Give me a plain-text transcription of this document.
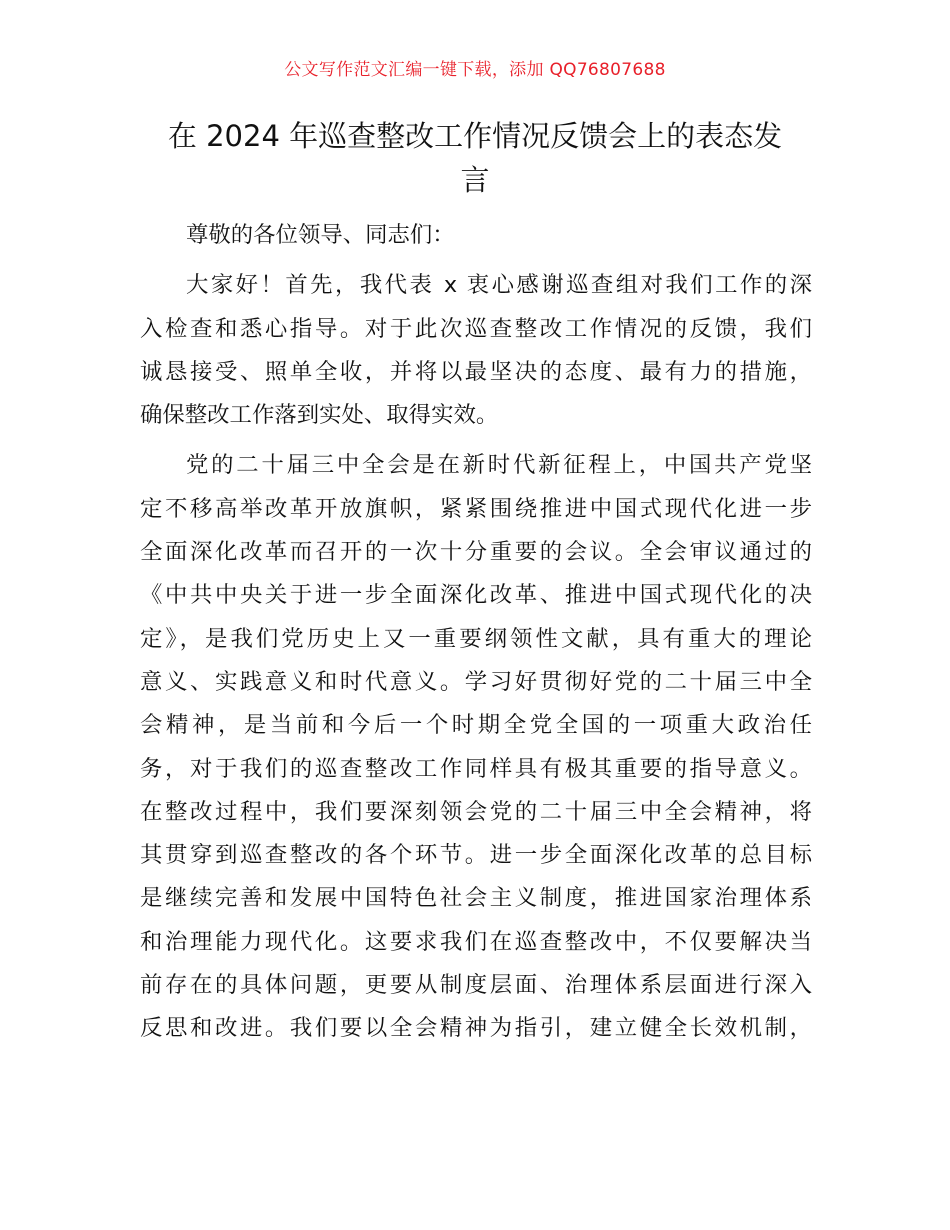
公文写作范文汇编一键下载，添加 QQ76807688
在 2024 年巡查整改工作情况反馈会上的表态发
言
尊敬的各位领导、同志们：
大家好！首先，我代表 x 衷心感谢巡查组对我们工作的深
入检查和悉心指导。对于此次巡查整改工作情况的反馈，我们
诚恳接受、照单全收，并将以最坚决的态度、最有力的措施，
确保整改工作落到实处、取得实效。
党的二十届三中全会是在新时代新征程上，中国共产党坚
定不移高举改革开放旗帜，紧紧围绕推进中国式现代化进一步
全面深化改革而召开的一次十分重要的会议。全会审议通过的
《中共中央关于进一步全面深化改革、推进中国式现代化的决
定》，是我们党历史上又一重要纲领性文献，具有重大的理论
意义、实践意义和时代意义。学习好贯彻好党的二十届三中全
会精神，是当前和今后一个时期全党全国的一项重大政治任
务，对于我们的巡查整改工作同样具有极其重要的指导意义。
在整改过程中，我们要深刻领会党的二十届三中全会精神，将
其贯穿到巡查整改的各个环节。进一步全面深化改革的总目标
是继续完善和发展中国特色社会主义制度，推进国家治理体系
和治理能力现代化。这要求我们在巡查整改中，不仅要解决当
前存在的具体问题，更要从制度层面、治理体系层面进行深入
反思和改进。我们要以全会精神为指引，建立健全长效机制，
